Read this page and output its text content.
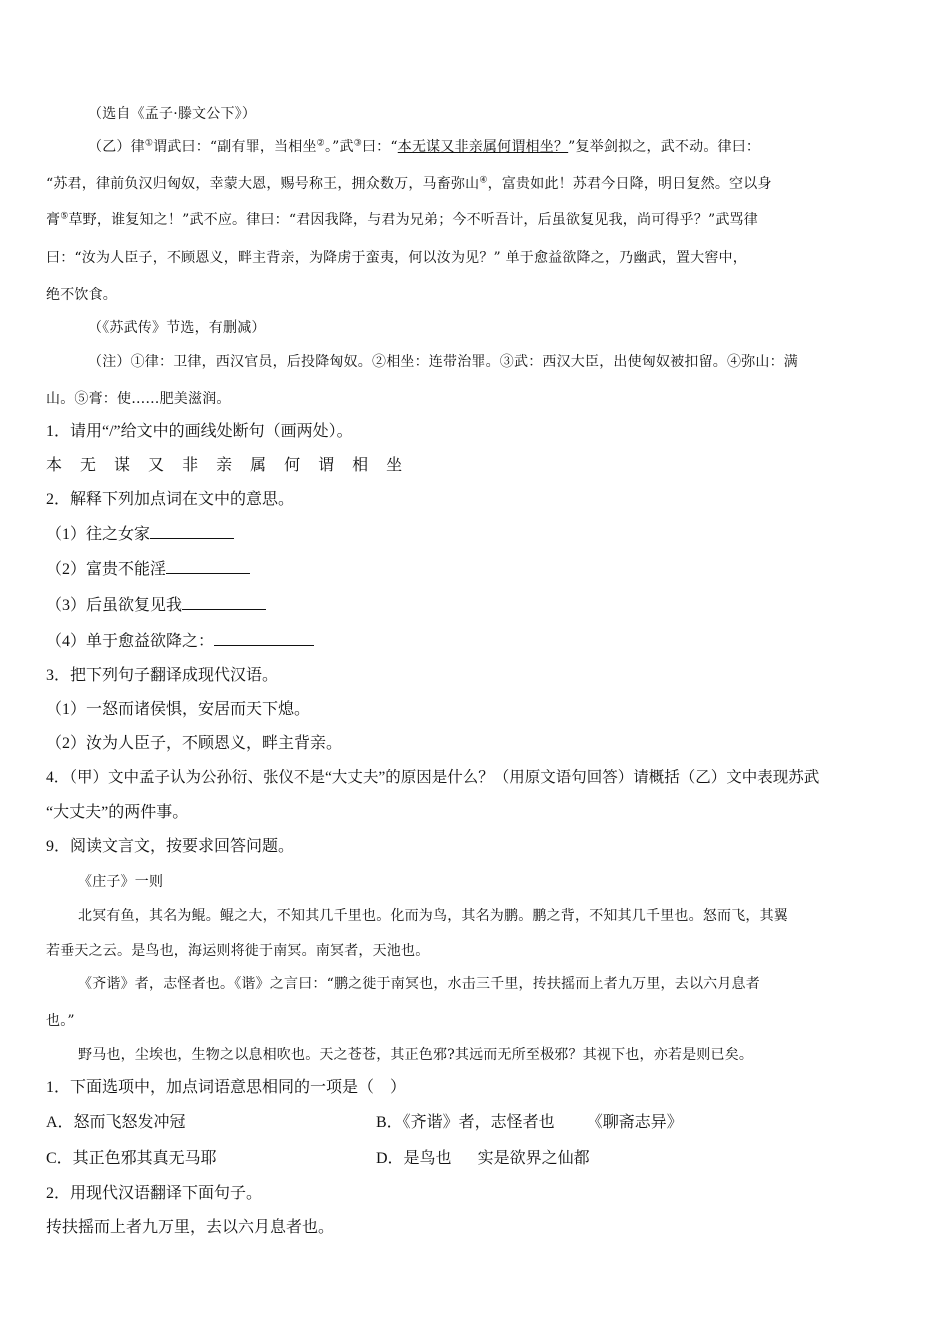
（选自《孟子·滕文公下》）
（乙）律①谓武曰：“副有罪，当相坐②。”武③曰：“本无谋又非亲属何谓相坐？”复举剑拟之，武不动。律曰：
“苏君，律前负汉归匈奴，幸蒙大恩，赐号称王，拥众数万，马畜弥山④，富贵如此！苏君今日降，明日复然。空以身
膏⑤草野，谁复知之！”武不应。律曰：“君因我降，与君为兄弟；今不听吾计，后虽欲复见我，尚可得乎？”武骂律
曰：“汝为人臣子，不顾恩义，畔主背亲，为降虏于蛮夷，何以汝为见？” 单于愈益欲降之，乃幽武，置大窖中，
绝不饮食。
（《苏武传》节选，有删减）
（注）①律：卫律，西汉官员，后投降匈奴。②相坐：连带治罪。③武：西汉大臣，出使匈奴被扣留。④弥山：满
山。⑤膏：使……肥美滋润。
1．请用“/”给文中的画线处断句（画两处）。
本 无 谋 又 非 亲 属 何 谓 相 坐
2．解释下列加点词在文中的意思。
（1）往之女家
（2）富贵不能淫
（3）后虽欲复见我
（4）单于愈益欲降之：
3．把下列句子翻译成现代汉语。
（1）一怒而诸侯惧，安居而天下熄。
（2）汝为人臣子，不顾恩义，畔主背亲。
4．（甲）文中孟子认为公孙衍、张仪不是“大丈夫”的原因是什么？（用原文语句回答）请概括（乙）文中表现苏武
“大丈夫”的两件事。
9．阅读文言文，按要求回答问题。
《庄子》一则
北冥有鱼，其名为鲲。鲲之大，不知其几千里也。化而为鸟，其名为鹏。鹏之背，不知其几千里也。怒而飞，其翼
若垂天之云。是鸟也，海运则将徙于南冥。南冥者，天池也。
《齐谐》者，志怪者也。《谐》之言曰：“鹏之徙于南冥也，水击三千里，抟扶摇而上者九万里，去以六月息者
也。”
野马也，尘埃也，生物之以息相吹也。天之苍苍，其正色邪?其远而无所至极邪？其视下也，亦若是则已矣。
1．下面选项中，加点词语意思相同的一项是（　）
A．怒而飞怒发冲冠	B．《齐谐》者，志怪者也 《聊斋志异》
C．其正色邪其真无马耶	D．是鸟也 实是欲界之仙都
2．用现代汉语翻译下面句子。
抟扶摇而上者九万里，去以六月息者也。
